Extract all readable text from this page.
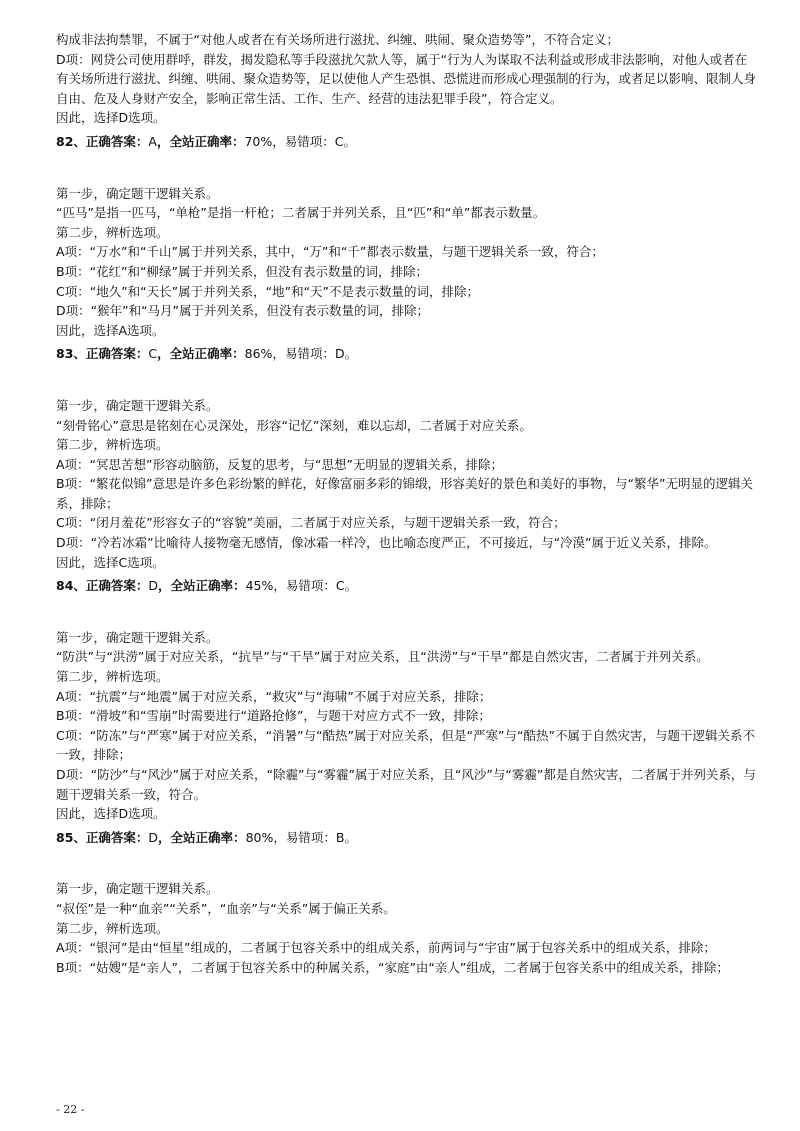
构成非法拘禁罪，不属于“对他人或者在有关场所进行滋扰、纠缠、哄闹、聚众造势等”，不符合定义；

D项：网贷公司使用群呼，群发，揭发隐私等手段滋扰欠款人等，属于“行为人为谋取不法利益或形成非法影响，对他人或者在有关场所进行滋扰、纠缠、哄闹、聚众造势等，足以使他人产生恐惧、恐慌进而形成心理强制的行为，或者足以影响、限制人身自由、危及人身财产安全，影响正常生活、工作、生产、经营的违法犯罪手段”，符合定义。

因此，选择D选项。

82、正确答案：A，全站正确率：70%，易错项：C。

第一步，确定题干逻辑关系。

“匹马”是指一匹马，“单枪”是指一杆枪；二者属于并列关系，且“匹”和“单”都表示数量。

第二步，辨析选项。

A项：“万水”和“千山”属于并列关系，其中，“万”和“千”都表示数量，与题干逻辑关系一致，符合；

B项：“花红”和“柳绿”属于并列关系，但没有表示数量的词，排除；

C项：“地久”和“天长”属于并列关系，“地”和“天”不是表示数量的词，排除；

D项：“猴年”和“马月”属于并列关系，但没有表示数量的词，排除；

因此，选择A选项。

83、正确答案：C，全站正确率：86%，易错项：D。

第一步，确定题干逻辑关系。

“刻骨铭心”意思是铭刻在心灵深处，形容“记忆”深刻，难以忘却，二者属于对应关系。

第二步，辨析选项。

A项：“冥思苦想”形容动脑筋，反复的思考，与“思想”无明显的逻辑关系，排除；

B项：“繁花似锦”意思是许多色彩纷繁的鲜花，好像富丽多彩的锦缎，形容美好的景色和美好的事物，与“繁华”无明显的逻辑关系，排除；

C项：“闭月羞花”形容女子的“容貌”美丽，二者属于对应关系，与题干逻辑关系一致，符合；

D项：“冷若冰霜”比喻待人接物毫无感情，像冰霜一样冷，也比喻态度严正，不可接近，与“冷漠”属于近义关系，排除。

因此，选择C选项。

84、正确答案：D，全站正确率：45%，易错项：C。

第一步，确定题干逻辑关系。

“防洪”与“洪涝”属于对应关系，“抗旱”与“干旱”属于对应关系，且“洪涝”与“干旱”都是自然灾害，二者属于并列关系。

第二步，辨析选项。

A项：“抗震”与“地震”属于对应关系，“救灾”与“海啸”不属于对应关系，排除；

B项：“滑坡”和“雪崩”时需要进行“道路抢修”，与题干对应方式不一致，排除；

C项：“防冻”与“严寒”属于对应关系，“消暑”与“酷热”属于对应关系，但是“严寒”与“酷热”不属于自然灾害，与题干逻辑关系不一致，排除；

D项：“防沙”与“风沙”属于对应关系，“除霾”与“雾霾”属于对应关系，且“风沙”与“雾霾”都是自然灾害，二者属于并列关系，与题干逻辑关系一致，符合。

因此，选择D选项。

85、正确答案：D，全站正确率：80%，易错项：B。

第一步，确定题干逻辑关系。

“叔侄”是一种“血亲”“关系”，“血亲”与“关系”属于偏正关系。

第二步，辨析选项。

A项：“银河”是由“恒星”组成的，二者属于包容关系中的组成关系，前两词与“宇宙”属于包容关系中的组成关系，排除；

B项：“姑嫂”是“亲人”，二者属于包容关系中的种属关系，“家庭”由“亲人”组成，二者属于包容关系中的组成关系，排除；

- 22 -
